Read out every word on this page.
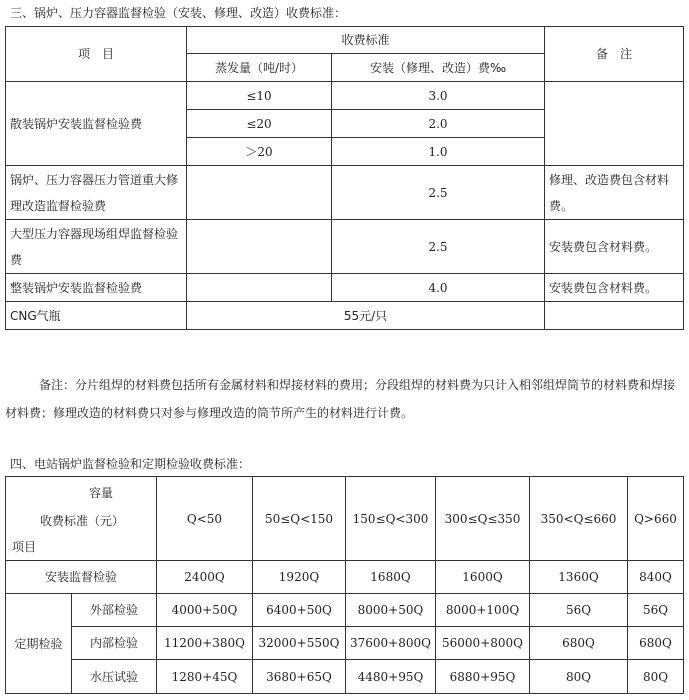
三、锅炉、压力容器监督检验（安装、修理、改造）收费标准：
项　目	收费标准		备　注
	蒸发量（吨/时）	安装（修理、改造）费‰	
散装锅炉安装监督检验费	≤10	3.0	
	≤20	2.0	
	＞20	1.0	
锅炉、压力容器压力管道重大修理改造监督检验费		2.5	修理、改造费包含材料费。
大型压力容器现场组焊监督检验费		2.5	安装费包含材料费。
整装锅炉安装监督检验费		4.0	安装费包含材料费。
CNG气瓶	55元/只		
备注：分片组焊的材料费包括所有金属材料和焊接材料的费用；分段组焊的材料费为只计入相邻组焊筒节的材料费和焊接材料费；修理改造的材料费只对参与修理改造的筒节所产生的材料进行计费。
四、电站锅炉监督检验和定期检验收费标准：
容量
收费标准（元）
项目		Q<50	50≤Q<150	150≤Q<300	300≤Q≤350	350<Q≤660	Q>660
安装监督检验		2400Q	1920Q	1680Q	1600Q	1360Q	840Q
定期检验	外部检验	4000+50Q	6400+50Q	8000+50Q	8000+100Q	56Q	56Q
	内部检验	11200+380Q	32000+550Q	37600+800Q	56000+800Q	680Q	680Q
	水压试验	1280+45Q	3680+65Q	4480+95Q	6880+95Q	80Q	80Q
